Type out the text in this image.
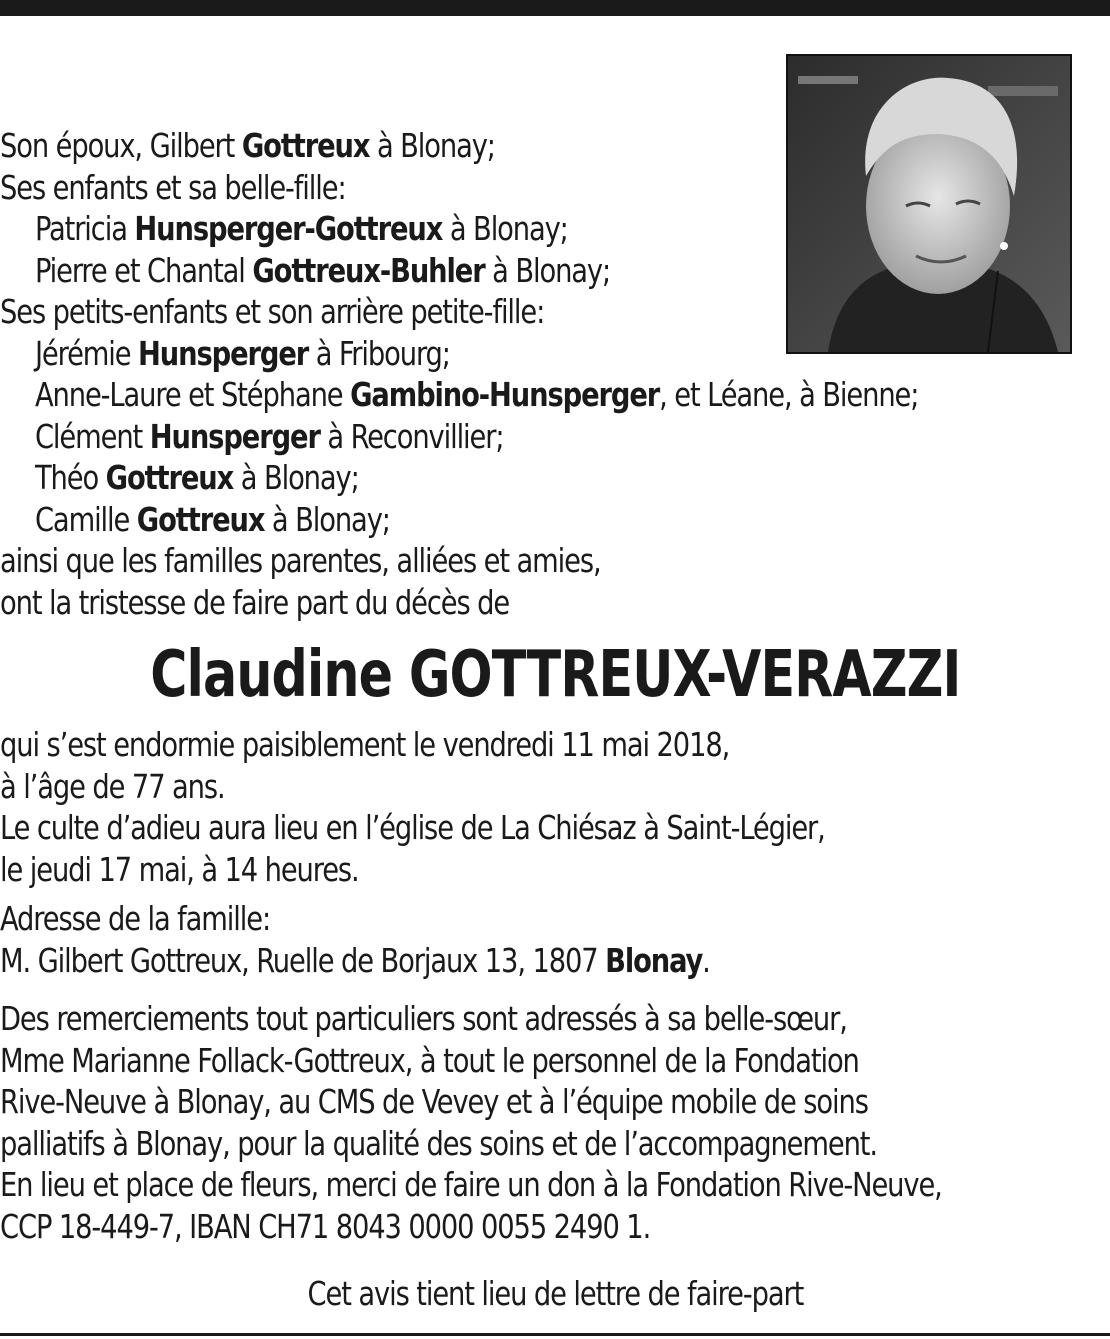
Son époux, Gilbert Gottreux à Blonay;
Ses enfants et sa belle-fille:
Patricia Hunsperger-Gottreux à Blonay;
Pierre et Chantal Gottreux-Buhler à Blonay;
Ses petits-enfants et son arrière petite-fille:
Jérémie Hunsperger à Fribourg;
Anne-Laure et Stéphane Gambino-Hunsperger, et Léane, à Bienne;
Clément Hunsperger à Reconvillier;
Théo Gottreux à Blonay;
Camille Gottreux à Blonay;
ainsi que les familles parentes, alliées et amies,
ont la tristesse de faire part du décès de
Claudine GOTTREUX-VERAZZI
qui s’est endormie paisiblement le vendredi 11 mai 2018,
à l’âge de 77 ans.
Le culte d’adieu aura lieu en l’église de La Chiésaz à Saint-Légier,
le jeudi 17 mai, à 14 heures.
Adresse de la famille:
M. Gilbert Gottreux, Ruelle de Borjaux 13, 1807 Blonay.
Des remerciements tout particuliers sont adressés à sa belle-sœur,
Mme Marianne Follack-Gottreux, à tout le personnel de la Fondation
Rive-Neuve à Blonay, au CMS de Vevey et à l’équipe mobile de soins
palliatifs à Blonay, pour la qualité des soins et de l’accompagnement.
En lieu et place de fleurs, merci de faire un don à la Fondation Rive-Neuve,
CCP 18-449-7, IBAN CH71 8043 0000 0055 2490 1.
Cet avis tient lieu de lettre de faire-part
